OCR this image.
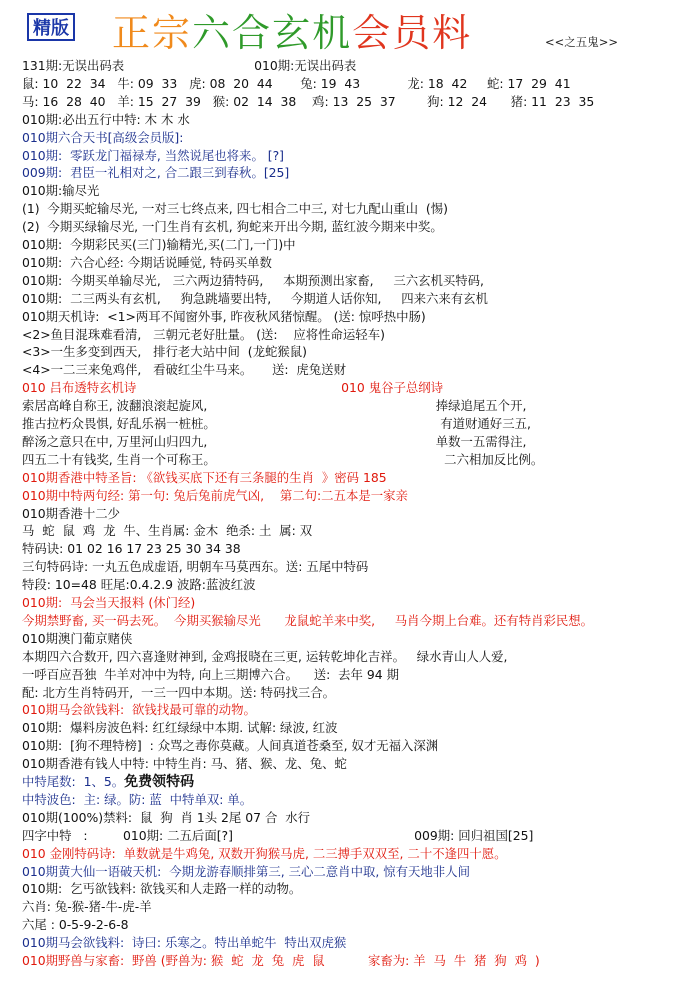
精版 正宗六合玄机会员料	<<之五鬼>>
131期:无误出码表                                 010期:无误出码表
鼠: 10  22  34   牛: 09  33   虎: 08  20  44       兔: 19  43            龙: 18  42     蛇: 17  29  41
马: 16  28  40   羊: 15  27  39   猴: 02  14  38    鸡: 13  25  37        狗: 12  24      猪: 11  23  35
010期:必出五行中特: 木 木 水
010期六合天书[高级会员版]:
010期:  零跃龙门福禄寿, 当然说尾也将来。 [?]
009期:  君臣一礼相对之, 合二跟三到春秋。[25]
010期:输尽光
(1)  今期买蛇输尽光, 一对三七终点来, 四七相合二中三, 对七九配山重山  (惕)
(2)  今期买绿输尽光, 一门生肖有玄机, 狗蛇来开出今期, 蓝红波今期来中奖。
010期:  今期彩民买(三门)输精光,买(二门,一门)中
010期:  六合心经: 今期话说睡觉, 特码买单数
010期:  今期买单输尽光,   三六两边猜特码,     本期预测出家畜,     三六玄机买特码,
010期:  二三两头有玄机,     狗急跳墙要出特,     今期道人话你知,     四来六来有玄机
010期天机诗:  <1>两耳不闻窗外事, 昨夜秋风猪惊醒。 (送: 惊呼热中肠)
<2>鱼目混珠难看清,   三朝元老好肚量。 (送:    应将性命运轻车)
<3>一生多变到西天,   排行老大站中间  (龙蛇猴鼠)
<4>一二三来兔鸡伴,   看破红尘牛马来。     送:  虎兔送财
010 吕布透特玄机诗                                                    010 鬼谷子总纲诗
索居高峰自称王, 波翻浪滚起旋风,                                                          捧绿追尾五个开,
推古拉朽众畏惧, 好乱乐祸一桩桩。                                                         有道财通好三五,
醉汤之意只在中, 万里河山归四九,                                                          单数一五需得注,
四五二十有钱奖, 生肖一个可称王。                                                          二六相加反比例。
010期香港中特圣旨: 《欲钱买底下还有三条腿的生肖  》密码 185
010期中特两句经: 第一句: 兔后兔前虎气凶,    第二句:二五本是一家亲
010期香港十二少
马  蛇  鼠  鸡  龙  牛、生肖属: 金木  绝杀: 土  属: 双
特码诀: 01 02 16 17 23 25 30 34 38
三句特码诗: 一丸五色成虚语, 明朝车马莫西东。送: 五尾中特码
特段: 10=48 旺尾:0.4.2.9 波路:蓝波红波
010期:  马会当天报料 (休门经)
今期禁野畜, 买一码去死。  今期买猴输尽光      龙鼠蛇羊来中奖,     马肖今期上台难。还有特肖彩民想。
010期澳门葡京赌侠
本期四六合数开, 四六喜逢财神到, 金鸡报晓在三更, 运转乾坤化吉祥。   绿水青山人人爱,
一呼百应吾独  牛羊对冲中为特, 向上三期博六合。    送:  去年 94 期
配: 北方生肖特码开,  一三一四中本期。送: 特码找三合。
010期马会欲钱料:  欲钱找最可靠的动物。
010期:  爆料房波色料: 红红绿绿中本期. 试解: 绿波, 红波
010期:  [狗不理特榜]  : 众骂之毒你莫藏。人间真道苍桑至, 奴才无福入深渊
010期香港有钱人中特: 中特生肖: 马、猪、猴、龙、兔、蛇
中特尾数:  1、5。免费领特码
中特波色:  主: 绿。防: 蓝  中特单双: 单。
010期(100%)禁料:  鼠  狗  肖 1头 2尾 07 合  水行
四字中特   :         010期: 二五后面[?]                                              009期: 回归祖国[25]
010 金刚特码诗:  单数就是牛鸡兔, 双数开狗猴马虎, 二三搏手双双至, 二十不逢四十愿。
010期黄大仙一语破天机:  今期龙游春顺排第三, 三心二意肖中取, 惊有天地非人间
010期:  乞丐欲钱料: 欲钱买和人走路一样的动物。
六肖: 兔-猴-猪-牛-虎-羊
六尾 : 0-5-9-2-6-8
010期马会欲钱料:  诗曰: 乐寒之。特出单蛇牛  特出双虎猴
010期野兽与家畜:  野兽 (野兽为: 猴  蛇  龙  兔  虎  鼠           家畜为: 羊  马  牛  猪  狗  鸡  )
